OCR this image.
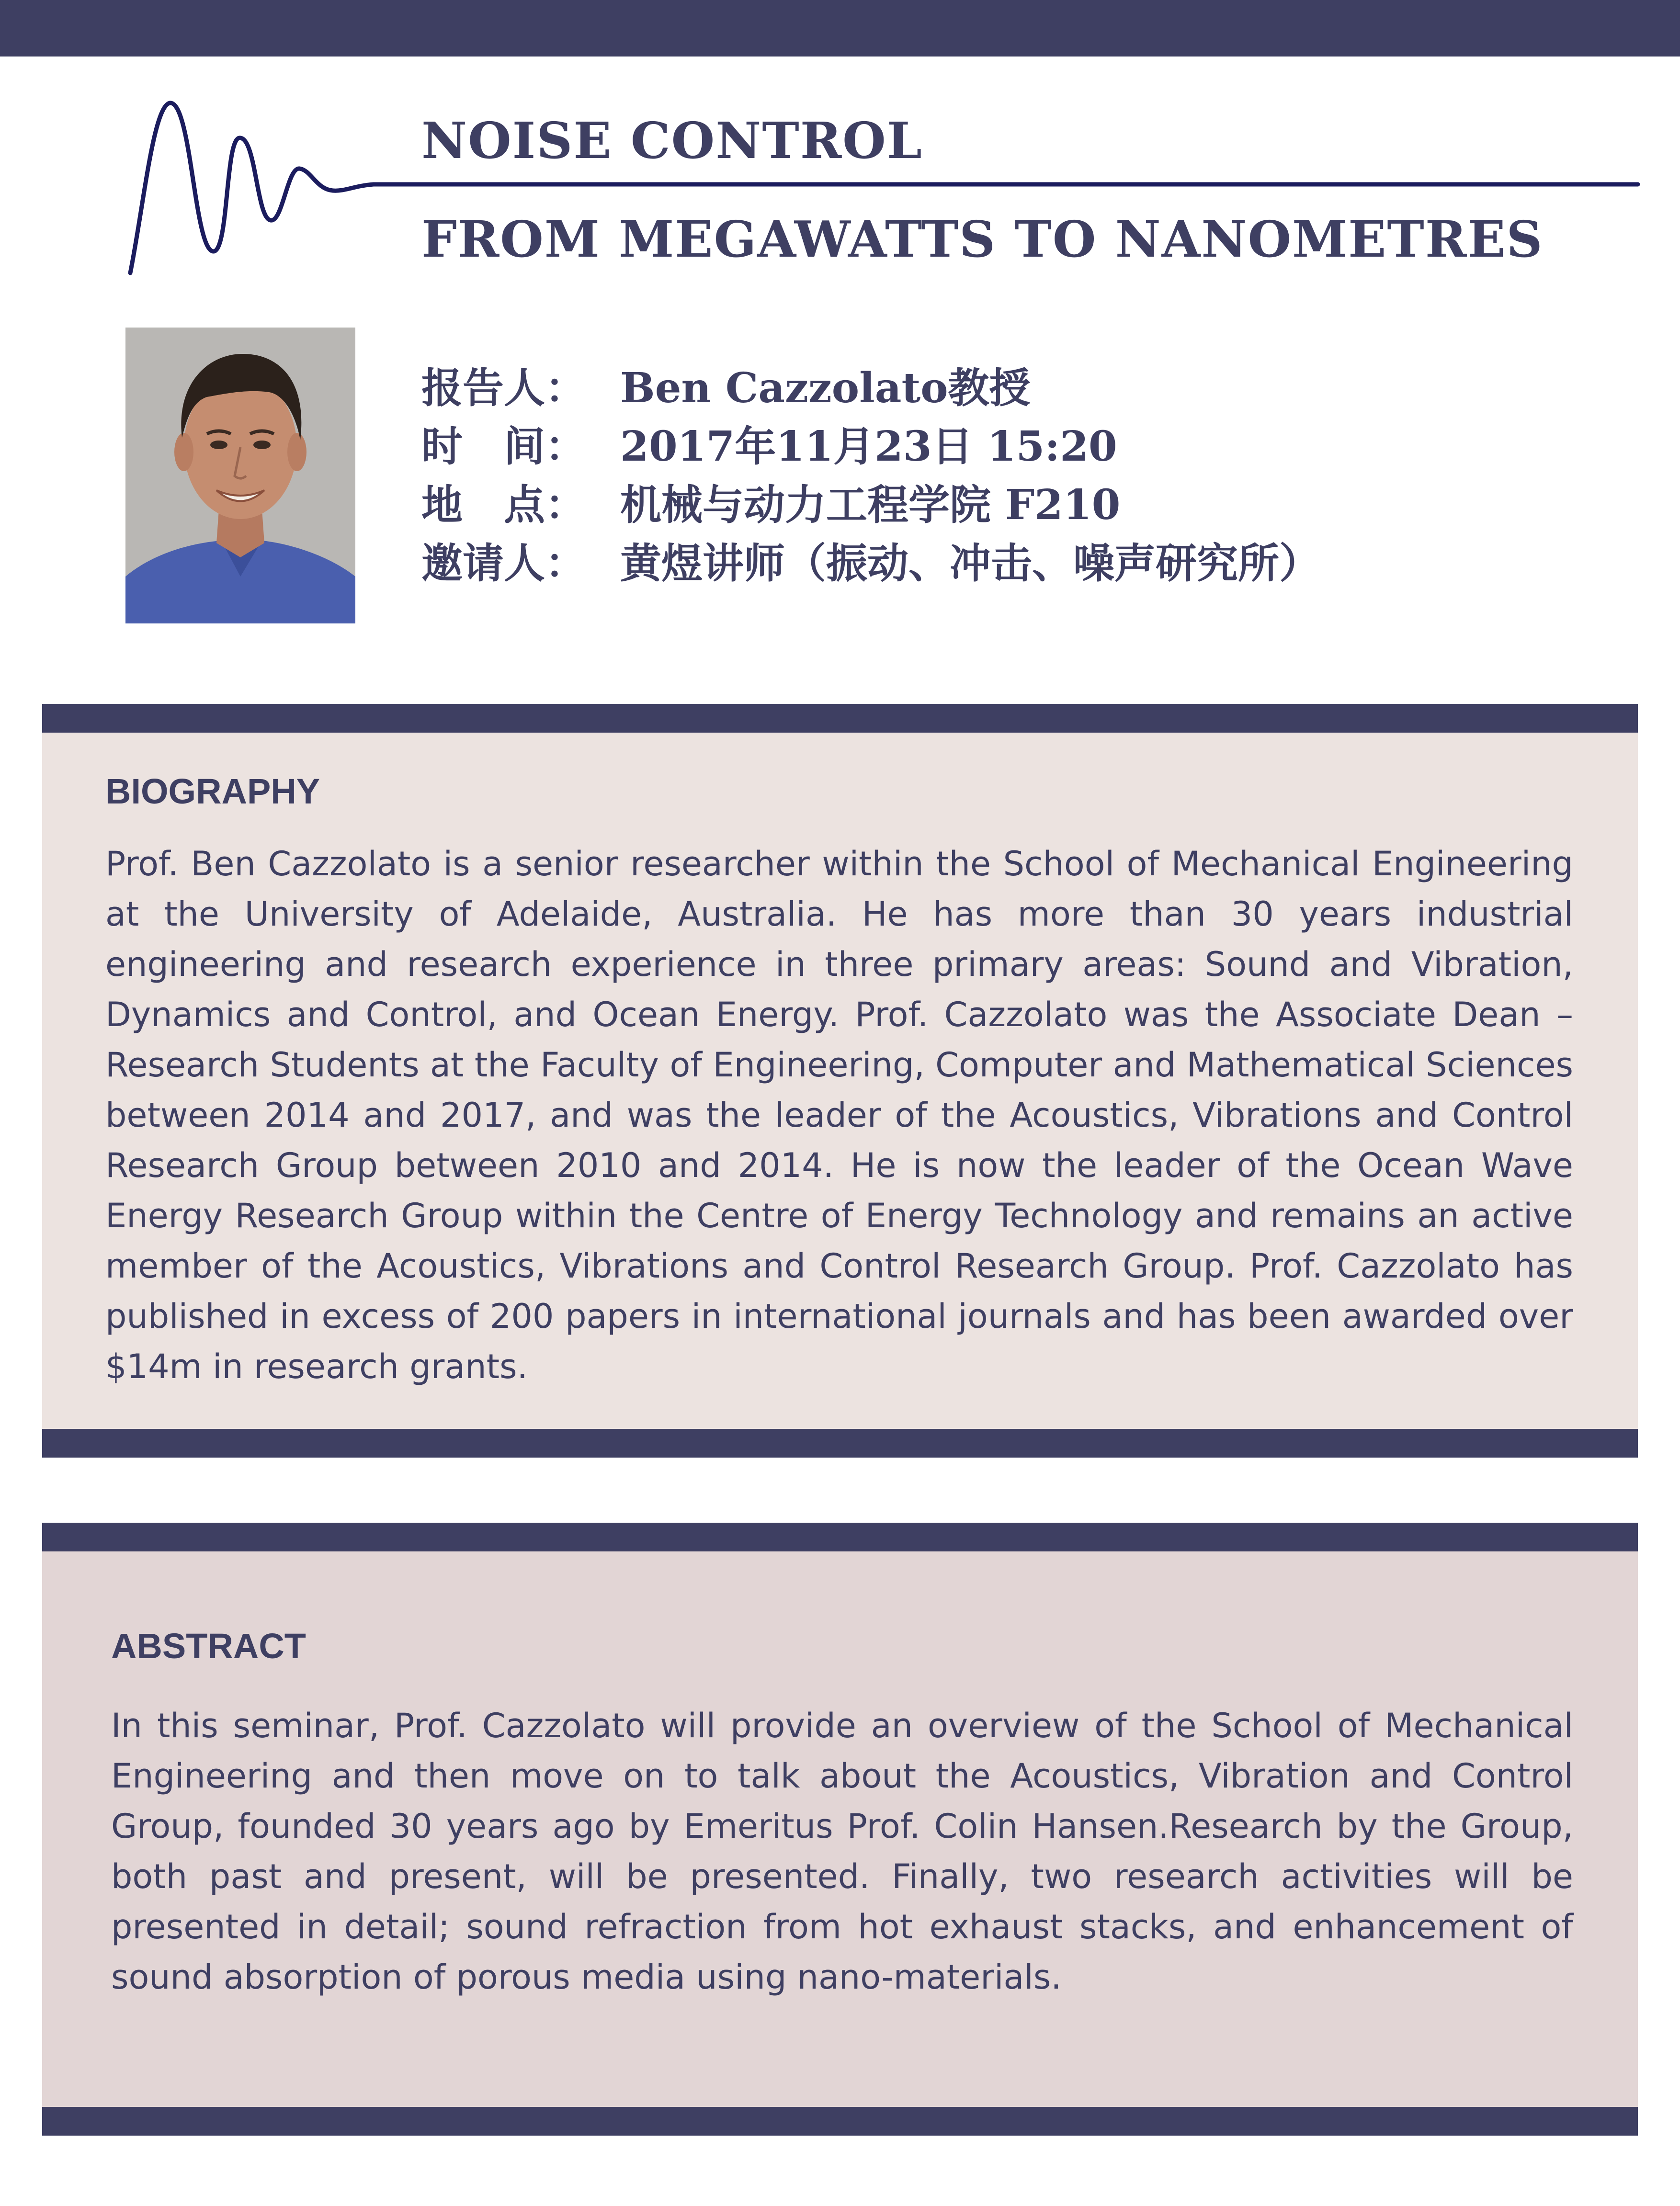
NOISE CONTROL
FROM MEGAWATTS TO NANOMETRES
报告人： Ben Cazzolato教授
时　间： 2017年11月23日 15:20
地　点： 机械与动力工程学院 F210
邀请人： 黄煜讲师（振动、冲击、噪声研究所）
BIOGRAPHY

Prof. Ben Cazzolato is a senior researcher within the School of Mechanical Engineering at the University of Adelaide, Australia. He has more than 30 years industrial engineering and research experience in three primary areas: Sound and Vibration, Dynamics and Control, and Ocean Energy. Prof. Cazzolato was the Associate Dean – Research Students at the Faculty of Engineering, Computer and Mathematical Sciences between 2014 and 2017, and was the leader of the Acoustics, Vibrations and Control Research Group between 2010 and 2014. He is now the leader of the Ocean Wave Energy Research Group within the Centre of Energy Technology and remains an active member of the Acoustics, Vibrations and Control Research Group. Prof. Cazzolato has published in excess of 200 papers in international journals and has been awarded over $14m in research grants.

ABSTRACT

In this seminar, Prof. Cazzolato will provide an overview of the School of Mechanical Engineering and then move on to talk about the Acoustics, Vibration and Control Group, founded 30 years ago by Emeritus Prof. Colin Hansen.Research by the Group, both past and present, will be presented. Finally, two research activities will be presented in detail; sound refraction from hot exhaust stacks, and enhancement of sound absorption of porous media using nano-materials.
